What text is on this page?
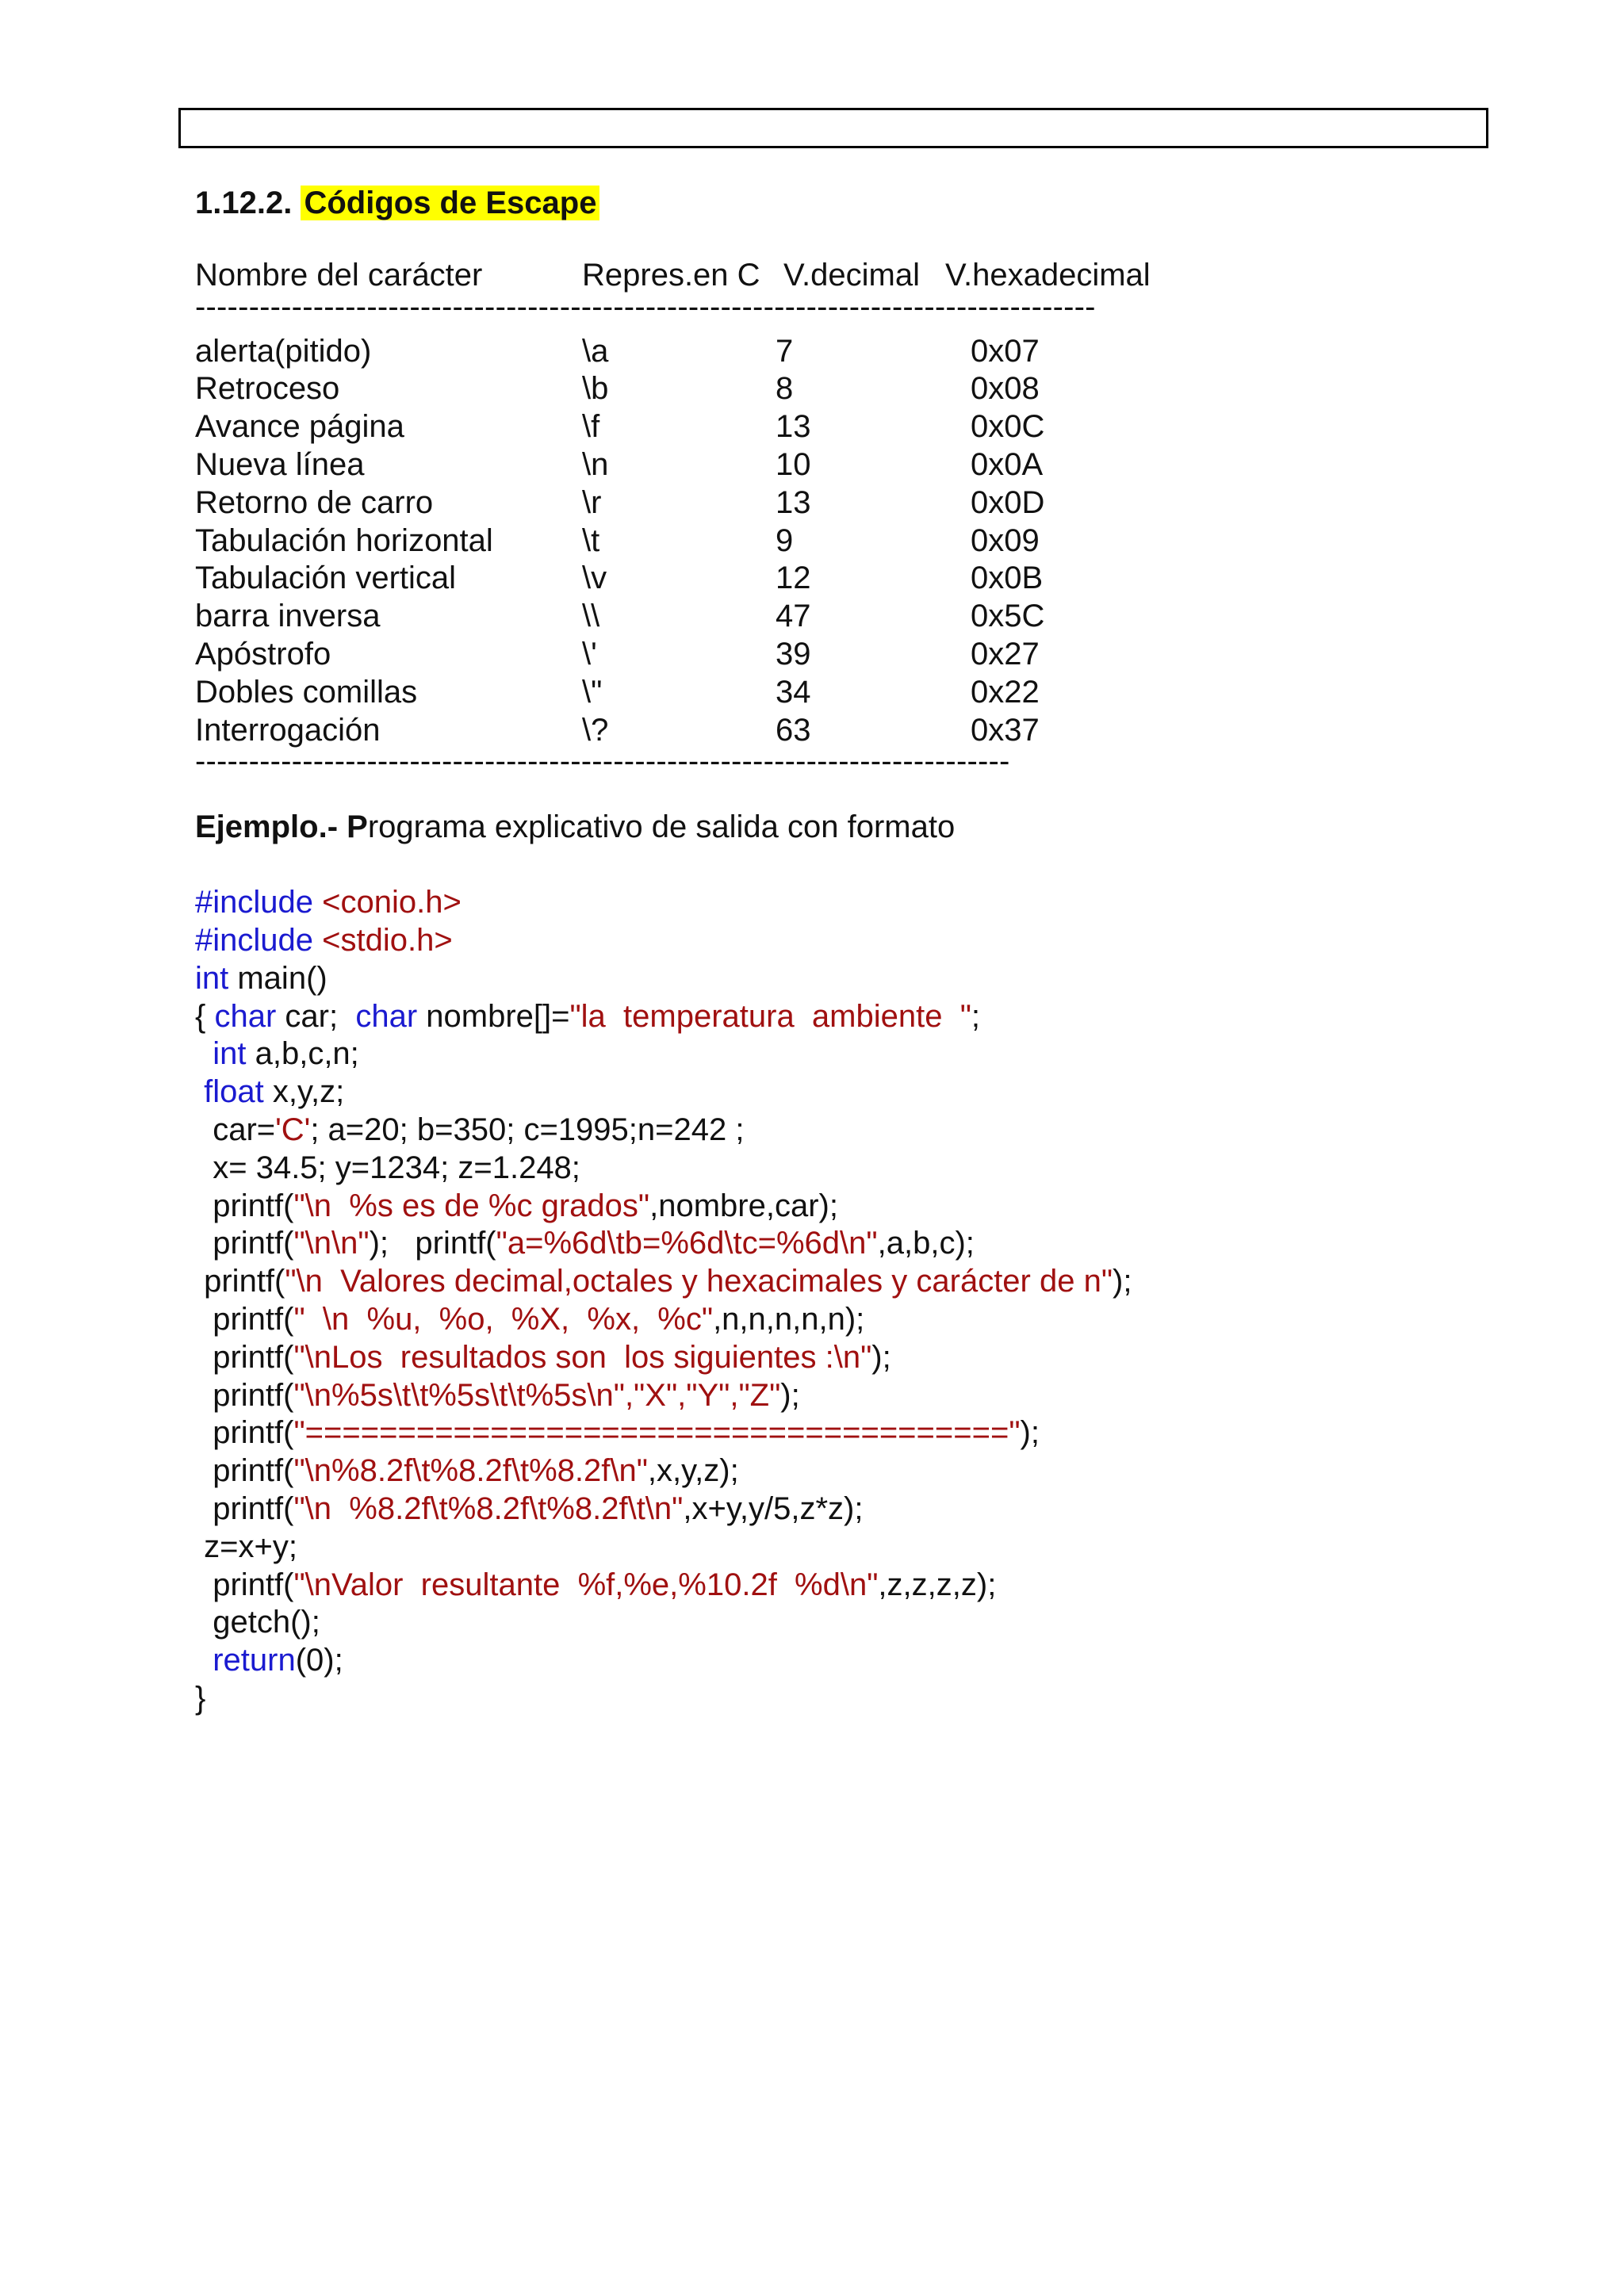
1.12.2. Códigos de Escape

Nombre del carácter	Repres.en C V.decimal V.hexadecimal
------------------------------------------------------------------------------------
alerta(pitido)	\a	7	0x07
Retroceso	\b	8	0x08
Avance página	\f	13	0x0C
Nueva línea	\n	10	0x0A
Retorno de carro	\r	13	0x0D
Tabulación horizontal	\t	9	0x09
Tabulación vertical	\v	12	0x0B
barra inversa	\\	47	0x5C
Apóstrofo	\'	39	0x27
Dobles comillas	\"	34	0x22
Interrogación	\?	63	0x37
----------------------------------------------------------------------------
Ejemplo.- Programa explicativo de salida con formato
#include <conio.h>
#include <stdio.h>
int main()
{ char car;  char nombre[]="la  temperatura  ambiente  ";
int a,b,c,n;
float x,y,z;
car='C'; a=20; b=350; c=1995;n=242 ;
x= 34.5; y=1234; z=1.248;
printf("\n  %s es de %c grados",nombre,car);
printf("\n\n");   printf("a=%6d\tb=%6d\tc=%6d\n",a,b,c);
printf("\n  Valores decimal,octales y hexacimales y carácter de n");
printf("  \n  %u,  %o,  %X,  %x,  %c",n,n,n,n,n);
printf("\nLos  resultados son  los siguientes :\n");
printf("\n%5s\t\t%5s\t\t%5s\n","X","Y","Z");
printf("======================================");
printf("\n%8.2f\t%8.2f\t%8.2f\n",x,y,z);
printf("\n  %8.2f\t%8.2f\t%8.2f\t\n",x+y,y/5,z*z);
z=x+y;
printf("\nValor  resultante  %f,%e,%10.2f  %d\n",z,z,z,z);
getch();
return(0);
}
